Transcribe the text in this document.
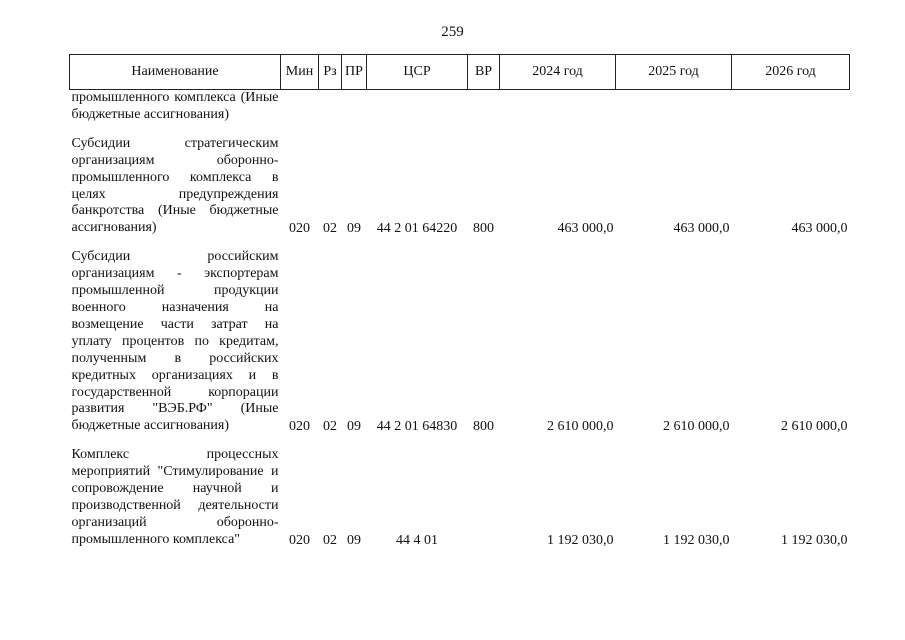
259
Наименование	Мин	Рз	ПР	ЦСР	ВР	2024 год	2025 год	2026 год
промышленного комплекса (Иные бюджетные ассигнования)								
Субсидии стратегическим организациям оборонно-промышленного комплекса в целях предупреждения банкротства (Иные бюджетные ассигнования)	020	02	09	44 2 01 64220	800	463 000,0	463 000,0	463 000,0
Субсидии российским организациям - экспортерам промышленной продукции военного назначения на возмещение части затрат на уплату процентов по кредитам, полученным в российских кредитных организациях и в государственной корпорации развития "ВЭБ.РФ" (Иные бюджетные ассигнования)	020	02	09	44 2 01 64830	800	2 610 000,0	2 610 000,0	2 610 000,0
Комплекс процессных мероприятий "Стимулирование и сопровождение научной и производственной деятельности организаций оборонно-промышленного комплекса"	020	02	09	44 4 01		1 192 030,0	1 192 030,0	1 192 030,0
